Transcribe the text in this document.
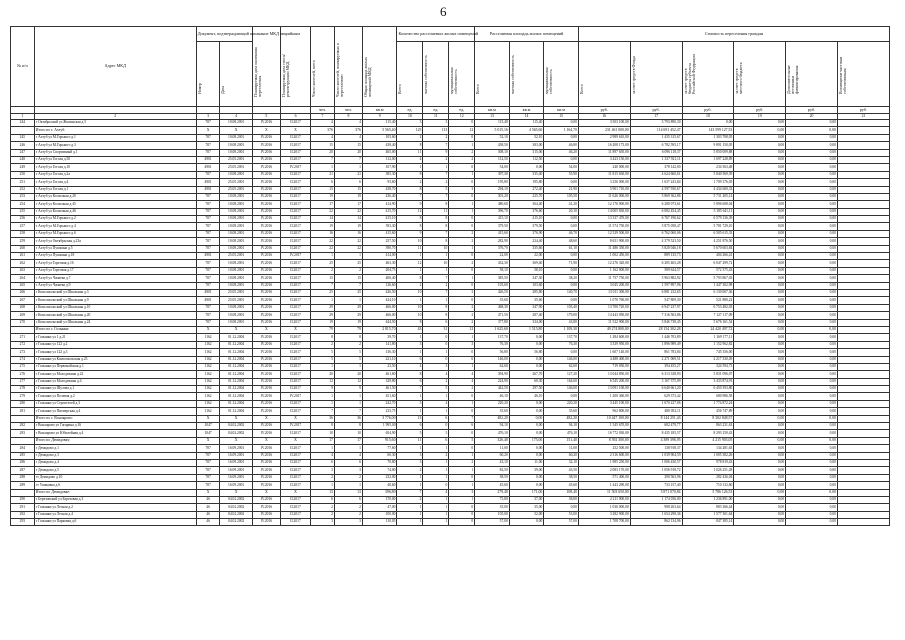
6
№ п/п	Адрес МКД	Документ, подтверждающий признание МКД аварийным		Планируемая дата окончания переселения	Планируемая дата сноса/реконструкции МКД	Число жителей, всего	Число жителей, планируемых к переселению	Общая площадь жилых помещений МКД	Количество расселяемых жилых помещений			Расселяемая площадь жилых помещений			Стоимость переселения граждан					

		Номер	Дата						Всего	частная собственность	муниципальная собственность	Всего	частная собственность	муниципальная собственность	Всего	за счет средств Фонда	за счет средств бюджета субъекта Российской Федерации	за счет средств местного бюджета	Дополнительные источники финансирования	Возмещение частным собственникам

						чел.	чел.	кв.м	ед.	ед.	ед.	кв.м	кв.м	кв.м	руб.	руб.	руб.	руб.	руб.	руб.
1	2	3	4	5	6	7	8	9	10	11	12	13	14	15	16	17	18	19	20	21
244	г Октябрьский ул Жилинская д.5	787	10.08.2001	IV.2016	II.2017	4	4	115,40	3	3	0	115,40	115,40	0,00	3 503 100,00	3 793 890,30	0,00	0,00	0,00	
	Итого по г. Ахтуб:	X	X	X	X	376	376	5 565,40	125	113	12	5 015,16	4 565,60	1 164,70	231 461 000,00	114 691 452,47	143 599 127,53	0,00	0,00	
245	г Ахтуб ул М.Горького д.1	787	10.08.2001	IV.2016	II.2017	4	4	105,60	2	2	0	52,10	52,10	0,00	2 989 610,00	1 435 315,67	1 303 708,05	0,00	0,00	
246	г Ахтуб ул М.Горького д.3	787	10.08.2001	IV.2016	II.2017	15	15	438,40	8	7	1	438,50	383,00	46,80	16 208 175,00	6 782 595,17	9 891 150,05	0,00	0,00	
247	г Ахтуб ул Спортивный д.1	787	10.08.2001	IV.2016	II.2017	20	20	465,00	11	9	2	308,10	315,00	46,20	11 897 650,00	6 096 118,37	5 850 009,88	0,00	0,00	
248	г Ахтуб ул Гоголя д.50	4901	25.05.2001	IV.2016	II.2017	7	7	112,00	4	2	2	112,50	112,50	0,00	3 423 150,00	1 337 921,11	1 697 228,89	0,00	0,00	
249	г Ахтуб ул Гоголя д.10	4901	25.05.2001	IV.2016	IV.2017	1	1	107,90	1	1	0	54,00	0,00	54,00	240 000,00	378 142,00	234 563,48	0,00	0,00	
250	г Ахтуб ул Гоголя д.2а	787	10.08.2001	IV.2016	II.2017	21	21	385,30	8	7	1	397,30	335,40	55,90	11 815 630,00	4 624 660,61	5 840 569,39	0,00	0,00	
251	г Ахтуб ул Гоголя д.4	4901	25.05.2001	IV.2016	II.2017	6	6	95,60	2	2	0	195,80	195,80	0,00	3 256 000,00	1 637 243,84	1 709 376,05	0,00	0,00	
252	г Ахтуб ул Гоголя д.1	4901	25.05.2001	IV.2016	II.2017	15	15	438,70	8	5	3	294,10	272,40	21,90	5 901 710,00	4 597 930,67	4 434 600,33	0,00	0,00	
253	г Ахтуб ул Колхозная д.20	787	10.08.2001	IV.2016	II.2017	19	19	436,40	7	7	0	301,20	225,70	105,50	11 626 000,00	5 869 362,86	5 731 205,14	0,00	0,00	
254	г Ахтуб ул Колхозная д.45	787	10.08.2001	IV.2016	II.2017	17	17	414,90	9	8	1	480,60	364,40	41,20	12 176 900,00	6 280 073,61	5 896 608,04	0,00	0,00	
255	г Ахтуб ул Колхозная д.46	787	10.08.2001	IV.2016	II.2017	22	22	415,70	12	11	1	396,70	376,60	20,10	14 005 830,00	6 082 454,45	5 185 641,11	0,00	0,00	
256	г Ахтуб ул М.Горького д.2	787	10.08.2001	IV.2016	II.2017	14	14	415,10	8	8	0	415,10	415,10	0,00	13 337 470,00	6 767 190,62	6 579 136,39	0,00	0,00	
257	г Ахтуб ул М.Горького д.4	787	10.08.2001	IV.2016	II.2017	19	19	393,30	8	8	0	379,50	379,50	0,00	11 574 750,00	5 875 058,47	5 781 729,10	0,00	0,00	
258	г Ахтуб ул М.Горького д.6	787	10.08.2001	IV.2016	II.2017	16	16	415,60	9	7	2	415,60	376,90	46,70	12 529 500,00	6 762 060,06	6 505 615,33	0,00	0,00	
259	г Ахтуб ул Октябрьская д.23а	787	10.08.2001	IV.2016	II.2017	22	22	257,50	10	8	2	282,90	224,40	48,60	8 651 900,00	4 379 523,50	4 251 876,50	0,00	0,00	
260	г Ахтуб ул Пушкина д.5	787	10.08.2001	IV.2016	II.2017	22	22	390,70	11	10	1	376,70	335,60	61,10	11 486 350,00	5 820 046,18	5 670 603,84	0,00	0,00	
261	г Ахтуб ул Пушкина д.18	4901	25.05.2001	IV.2016	IV.2017	1	1	414,00	1	1	0	22,00	22,00	0,00	1 002 450,00	889 135,73	404 266,41	0,00	0,00	
262	г Ахтуб ул Торговая д.16	787	10.08.2001	IV.2016	II.2017	25	25	463,30	12	10	2	432,30	369,40	71,90	12 276 320,00	6 205 465,28	6 047 299,72	0,00	0,00	
263	г Ахтуб ул Торговая д.17	787	10.08.2001	IV.2016	II.2017	2	2	204,75	1	1	0	58,10	58,10	0,00	1 162 000,00	589 624,57	572 375,43	0,00	0,00	
264	г Ахтуб ул Чапаева д.7	787	10.08.2001	IV.2016	II.2017	15	15	406,40	8	7	1	385,50	347,30	38,20	11 757 750,00	5 963 882,92	5 793 867,03	0,00	0,00	
265	г Ахтуб ул Чапаева д.9	787	10.08.2001	IV.2016	II.2017	7	7	126,60	2	2	0	103,60	103,60	0,00	3 045 200,00	1 597 897,96	1 447 302,98	0,00	0,00	
266	г Комсомольский ул Школьная д.3	4901	25.05.2001	IV.2016	II.2017	25	25	426,50	10	7	3	426,50	285,80	140,70	13 011 300,00	6 881 232,65	6 130 067,36	0,00	0,00	
267	г Комсомольский ул Школьная д.9	4901	25.05.2001	IV.2016	II.2017	1	1	424,10	1	1	0	35,60	35,60	0,00	1 070 760,00	547 809,30	521 880,22	0,00	0,00	
268	г Комсомольский ул Школьная д.10	787	10.08.2001	IV.2016	II.2017	29	29	466,00	10	8	2	468,30	347,90	103,40	13 700 720,00	6 947 237,97	6 753 482,03	0,00	0,00	
269	г Комсомольский ул Школьная д.20	787	10.08.2001	IV.2016	II.2017	29	29	466,00	10	8	2	471,50	287,40	179,00	14 443 050,00	7 316 563,86	7 127 117,09	0,00	0,00	
270	г Комсомольский ул Школьная д.24	787	10.08.2001	IV.2016	II.2017	19	19	444,50	8	6	2	377,80	334,00	43,80	11 522 900,00	5 846 738,45	5 676 161,54	0,00	0,00	
	Итого по г. Голынки:	X	X	X	X	79	79	2 815,70	43	31	12	1 625,60	1 515,80	1 109,30	49 274 800,00	28 154 302,28	24 420 497,72	0,00	0,00	
271	г Голынки ул 1 д.21	1162	01.12.2004	IV.2016	II.2017	8	8	39,70	1	0	1	137,70	0,00	137,70	1 284 600,00	1 446 703,89	1 169 177,11	0,00	0,00	
272	г Голынки ул 122 д.2	1162	01.12.2004	IV.2016	II.2017	2	2	141,80	3	0	3	76,30	0,00	76,30	3 339 950,00	1 896 989,49	1 152 962,82	0,00	0,00	
273	г Голынки ул 122 д.3	1162	01.12.2004	IV.2016	II.2017	5	5	136,30	1	1	0	56,80	56,80	0,00	1 607 140,00	861 783,84	745 356,00	0,00	0,00	
274	г Голынки ул Комсомольская д.23	1162	01.12.2004	IV.2016	II.2017	5	5	221,10	6	0	6	146,00	0,00	146,00	4 488 400,00	2 271 069,51	2 217 330,49	0,00	0,00	
275	г Голынки ул Первомайская д.1	1162	01.12.2004	IV.2016	II.2017	1	1	23,50	4	3	1	62,60	0,00	62,60	719 050,00	394 455,27	324 594,73	0,00	0,00	
276	г Голынки ул Молодежная д.22	1162	01.12.2004	IV.2016	II.2017	20	20	461,60	8	4	4	394,90	267,70	127,20	13 044 850,00	6 313 338,93	5 831 096,07	0,00	0,00	
277	г Голынки ул Молодежная д.4	1162	01.12.2004	IV.2016	II.2017	12	12	329,80	6	2	4	224,90	60,30	164,60	6 545 200,00	3 167 375,09	3 433 874,91	0,00	0,00	
278	г Голынки ул Шулова д.1	1162	01.12.2004	IV.2016	II.2017	9	9	461,50	7	5	2	442,50	297,50	146,00	13 091 100,00	6 640 661,20	6 450 393,80	0,00	0,00	
279	г Голынки ул Полевая д.2	1162	01.12.2004	IV.2016	IV.2017	1	1	451,60	1	1	0	46,10	46,10	0,00	1 200 360,00	629 373,42	680 986,58	0,00	0,00	
280	г Голынки ул Строителей д.3	1162	01.12.2004	IV.2016	II.2017	1	1	242,70	5	4	1	220,20	0,00	220,20	3 445 100,00	1 670 227,06	1 774 872,24	0,00	0,00	
281	г Голынки ул Пионерская д.4	1162	01.12.2004	IV.2016	II.2017	7	7	233,75	1	1	0	35,60	0,00	35,60	962 800,00	480 052,11	456 747,89	0,00	0,00	
	Итого по г. Вонлярово:	X	X	X	X	36	36	3 776,00	13	6	7	482,20	0,00	482,20	10 447 100,00	8 144 251,43	8 302 848,57	0,00	0,00	
282	г Вонлярово ул Гагарина д.16	1047	04.02.2002	IV.2016	IV.2017	8	8	1 995,00	6	0	6	94,10	0,00	94,10	1 545 670,00	682 479,77	863 231,63	0,00	0,00	
283	г Вонлярово ул Юбилейная д.4	1047	04.02.2002	IV.2016	II.2017	10	10	654,90	5	5	0	476,10	0,00	476,10	16 772 030,00	8 435 185,57	8 293 150,43	0,00	0,00	
	Итого по Демидовку:	X	X	X	X	17	17	915,60	11	6	5	326,40	175,00	151,40	8 592 300,00	4 389 396,95	4 215 903,05	0,00	0,00	
284	г Демидово д.1	787	16.09.2001	IV.2016	II.2017	1	1	77,60	1	1	0	11,00	0,00	11,00	252 500,00	138 918,37	134 281,63	0,00	0,00	
285	г Демидово д.3	787	16.09.2001	IV.2016	II.2017	4	4	60,30	3	2	1	60,20	0,00	60,20	2 316 600,00	1 039 904,59	1 005 382,26	0,00	0,00	
286	г Демидово д.4	787	16.09.2001	IV.2016	II.2017	6	6	70,80	3	1	2	43,10	11,00	32,10	1 985 250,00	1 006 430,57	978 819,43	0,00	0,00	
287	г Демидово д.5	787	16.09.2001	IV.2016	II.2017	3	3	74,00	2	1	1	82,50	39,00	43,50	2 083 170,00	1 056 918,72	1 026 251,28	0,00	0,00	
288	гт Демидово д.10	787	16.09.2001	IV.2016	II.2017	2	2	232,00	1	1	0	38,50	0,00	38,50	571 400,00	290 563,96	282 436,04	0,00	0,00	
289	гт Ушаковка д.6	787	16.09.2001	IV.2016	II.2017	1	1	40,60	1	0	1	45,60	0,00	45,60	1 443 290,00	733 157,40	710 132,60	0,00	0,00	
	Итого по Демидовке:	X	X	X	X	13	13	396,80	7	4	3	279,40	171,00	108,40	11 503 650,00	5 871 070,84	5 786 126,53	0,00	0,00	
290	г Березовский ул Березовая д.3	46	04.02.2002	IV.2016	II.2017	6	6	170,00	2	1	1	75,80	37,00	38,80	2 211 900,00	1 174 036,00	1 236 891,00	0,00	0,00	
291	г Голынки ул Лесная д.2	46	04.02.2002	IV.2016	II.2017	2	2	47,00	1	1	0	35,00	35,00	0,00	1 036 000,00	908 263,64	883 366,44	0,00	0,00	
292	г Голынки ул Лесная д.4	46	04.02.2002	IV.2016	II.2017	2	2	100,00	1	1	0	105,00	52,00	53,00	3 282 900,00	1 654 298,36	1 577 301,64	0,00	0,00	
293	г Голынки ул Парковая д.6	46	04.02.2002	IV.2016	II.2017	3	3	110,05	1	1	0	57,00	0,00	57,00	1 708 700,00	862 134,96	847 385,14	0,00	0,00	
